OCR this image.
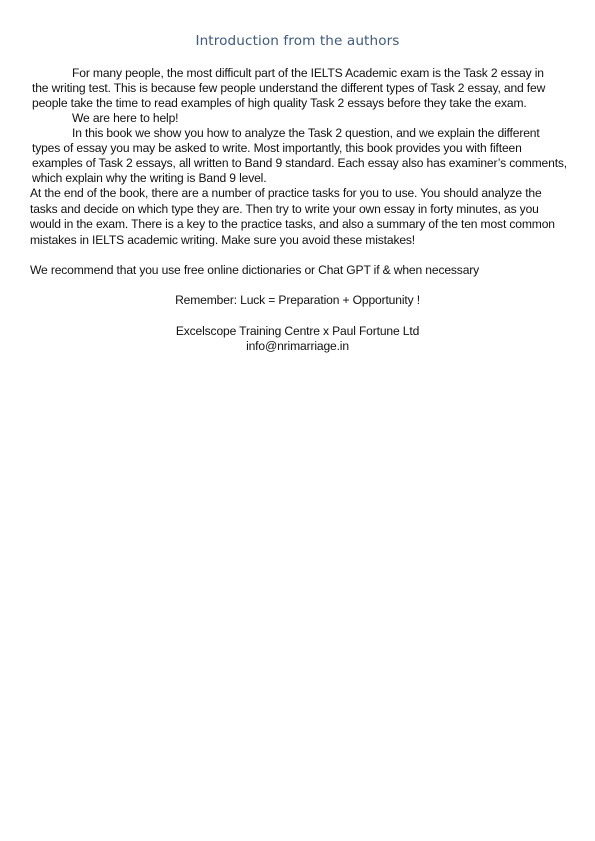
Introduction from the authors
For many people, the most difficult part of the IELTS Academic exam is the Task 2 essay in
the writing test. This is because few people understand the different types of Task 2 essay, and few
people take the time to read examples of high quality Task 2 essays before they take the exam.
We are here to help!
In this book we show you how to analyze the Task 2 question, and we explain the different
types of essay you may be asked to write. Most importantly, this book provides you with fifteen
examples of Task 2 essays, all written to Band 9 standard. Each essay also has examiner’s comments,
which explain why the writing is Band 9 level.
At the end of the book, there are a number of practice tasks for you to use. You should analyze the
tasks and decide on which type they are. Then try to write your own essay in forty minutes, as you
would in the exam. There is a key to the practice tasks, and also a summary of the ten most common
mistakes in IELTS academic writing. Make sure you avoid these mistakes!
We recommend that you use free online dictionaries or Chat GPT if & when necessary
Remember: Luck = Preparation + Opportunity !
Excelscope Training Centre x Paul Fortune Ltd
info@nrimarriage.in
